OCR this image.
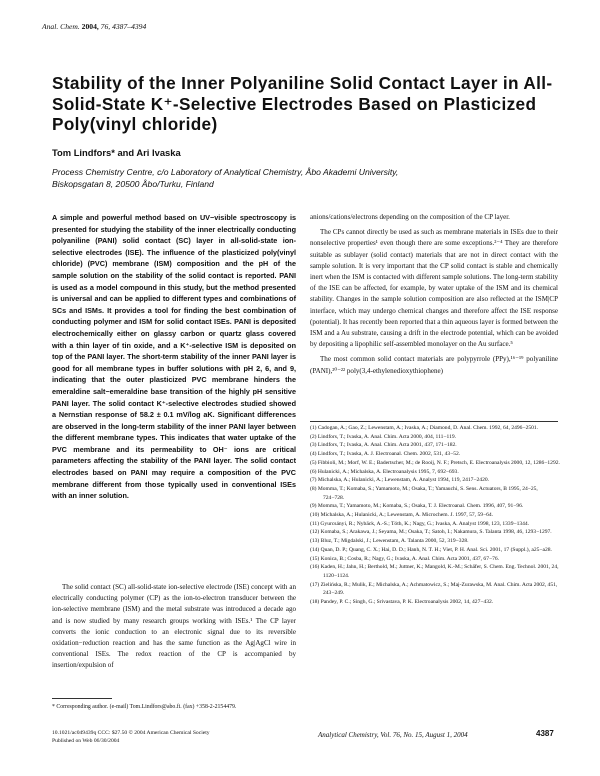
Anal. Chem. 2004, 76, 4387–4394
Stability of the Inner Polyaniline Solid Contact Layer in All-Solid-State K⁺-Selective Electrodes Based on Plasticized Poly(vinyl chloride)
Tom Lindfors* and Ari Ivaska
Process Chemistry Centre, c/o Laboratory of Analytical Chemistry, Åbo Akademi University, Biskopsgatan 8, 20500 Åbo/Turku, Finland
A simple and powerful method based on UV−visible spectroscopy is presented for studying the stability of the inner electrically conducting polyaniline (PANI) solid contact (SC) layer in all-solid-state ion-selective electrodes (ISE). The influence of the plasticized poly(vinyl chloride) (PVC) membrane (ISM) composition and the pH of the sample solution on the stability of the solid contact is reported. PANI is used as a model compound in this study, but the method presented is universal and can be applied to different types and combinations of SCs and ISMs. It provides a tool for finding the best combination of conducting polymer and ISM for solid contact ISEs. PANI is deposited electrochemically either on glassy carbon or quartz glass covered with a thin layer of tin oxide, and a K⁺-selective ISM is deposited on top of the PANI layer. The short-term stability of the inner PANI layer is good for all membrane types in buffer solutions with pH 2, 6, and 9, indicating that the outer plasticized PVC membrane hinders the emeraldine salt−emeraldine base transition of the highly pH sensitive PANI layer. The solid contact K⁺-selective electrodes studied showed a Nernstian response of 58.2 ± 0.1 mV/log aK. Significant differences are observed in the long-term stability of the inner PANI layer between the different membrane types. This indicates that water uptake of the PVC membrane and its permeability to OH⁻ ions are critical parameters affecting the stability of the PANI layer. The solid contact electrodes based on PANI may require a composition of the PVC membrane different from those typically used in conventional ISEs with an inner solution.
The solid contact (SC) all-solid-state ion-selective electrode (ISE) concept with an electrically conducting polymer (CP) as the ion-to-electron transducer between the ion-selective membrane (ISM) and the metal substrate was introduced a decade ago and is now studied by many research groups working with ISEs.¹ The CP layer converts the ionic conduction to an electronic signal due to its reversible oxidation−reduction reaction and has the same function as the Ag|AgCl wire in conventional ISEs. The redox reaction of the CP is accompanied by insertion/expulsion of

anions/cations/electrons depending on the composition of the CP layer.

The CPs cannot directly be used as such as membrane materials in ISEs due to their nonselective properties¹ even though there are some exceptions.²⁻⁴ They are therefore suitable as sublayer (solid contact) materials that are not in direct contact with the sample solution. It is very important that the CP solid contact is stable and chemically inert when the ISM is contacted with different sample solutions. The long-term stability of the ISE can be affected, for example, by water uptake of the ISM and its chemical stability. Changes in the sample solution composition are also reflected at the ISM|CP interface, which may undergo chemical changes and therefore affect the ISE response (potential). It has recently been reported that a thin aqueous layer is formed between the ISM and a Au substrate, causing a drift in the electrode potential, which can be avoided by depositing a lipophilic self-assembled monolayer on the Au surface.⁵

The most common solid contact materials are polypyrrole (PPy),¹⁶⁻¹⁹ polyaniline (PANI),²⁰⁻²² poly(3,4-ethylenedioxythiophene)

(1) Cadogan, A.; Gao, Z.; Lewenstam, A.; Ivaska, A.; Diamond, D. Anal. Chem. 1992, 64, 2496−2501.
(2) Lindfors, T.; Ivaska, A. Anal. Chim. Acta 2000, 404, 111−119.
(3) Lindfors, T.; Ivaska, A. Anal. Chim. Acta 2001, 437, 171−182.
(4) Lindfors, T.; Ivaska, A. J. Electroanal. Chem. 2002, 531, 43−52.
(5) Fibbioli, M.; Morf, W. E.; Badertscher, M.; de Rooij, N. F.; Pretsch, E. Electroanalysis 2000, 12, 1286−1292.
(6) Hulanicki, A.; Michalska, A. Electroanalysis 1995, 7, 692−693.
(7) Michalska, A.; Hulanicki, A.; Lewenstam, A. Analyst 1994, 119, 2417−2420.
(8) Momma, T.; Komaba, S.; Yamamoto, M.; Osaka, T.; Yamauchi, S. Sens. Actuators, B 1995, 24−25, 724−728.
(9) Momma, T.; Yamamoto, M.; Komaba, S.; Osaka, T. J. Electroanal. Chem. 1996, 407, 91−96.
(10) Michalska, A.; Hulanicki, A.; Lewenstam, A. Microchem. J. 1997, 57, 59−64.
(11) Gyurcsányi, R.; Nybäck, A.-S.; Tóth, K.; Nagy, G.; Ivaska, A. Analyst 1998, 123, 1339−1344.
(12) Komaba, S.; Arakawa, J.; Seyama, M.; Osaka, T.; Satoh, I.; Nakamura, S. Talanta 1998, 46, 1293−1297.
(13) Bluz, T.; Migdalski, J.; Lewenstam, A. Talanta 2000, 52, 319−328.
(14) Quan, D. P.; Quang, C. X.; Hai, D. D.; Hanh, N. T. H.; Viet, P. H. Anal. Sci. 2001, 17 (Suppl.), a25−a28.
(15) Konica, B.; Cosba, R.; Nagy, G.; Ivaska, A. Anal. Chim. Acta 2001, 437, 67−76.
(16) Kaden, H.; Jahn, H.; Berthold, M.; Juttner, K.; Mangold, K.-M.; Schäfer, S. Chem. Eng. Technol. 2001, 24, 1120−1124.
(17) Zielińska, R.; Mulik, E.; Michalska, A.; Achmatowicz, S.; Maj-Zurawska, M. Anal. Chim. Acta 2002, 451, 243−249.
(18) Pandey, P. C.; Singh, G.; Srivastava, P. K. Electroanalysis 2002, 14, 427−432.
* Corresponding author. (e-mail) Tom.Lindfors@abo.fi. (fax) +358-2-2154479.
10.1021/ac049439q CCC: $27.50 © 2004 American Chemical Society
Published on Web 06/30/2004
Analytical Chemistry, Vol. 76, No. 15, August 1, 2004	4387
